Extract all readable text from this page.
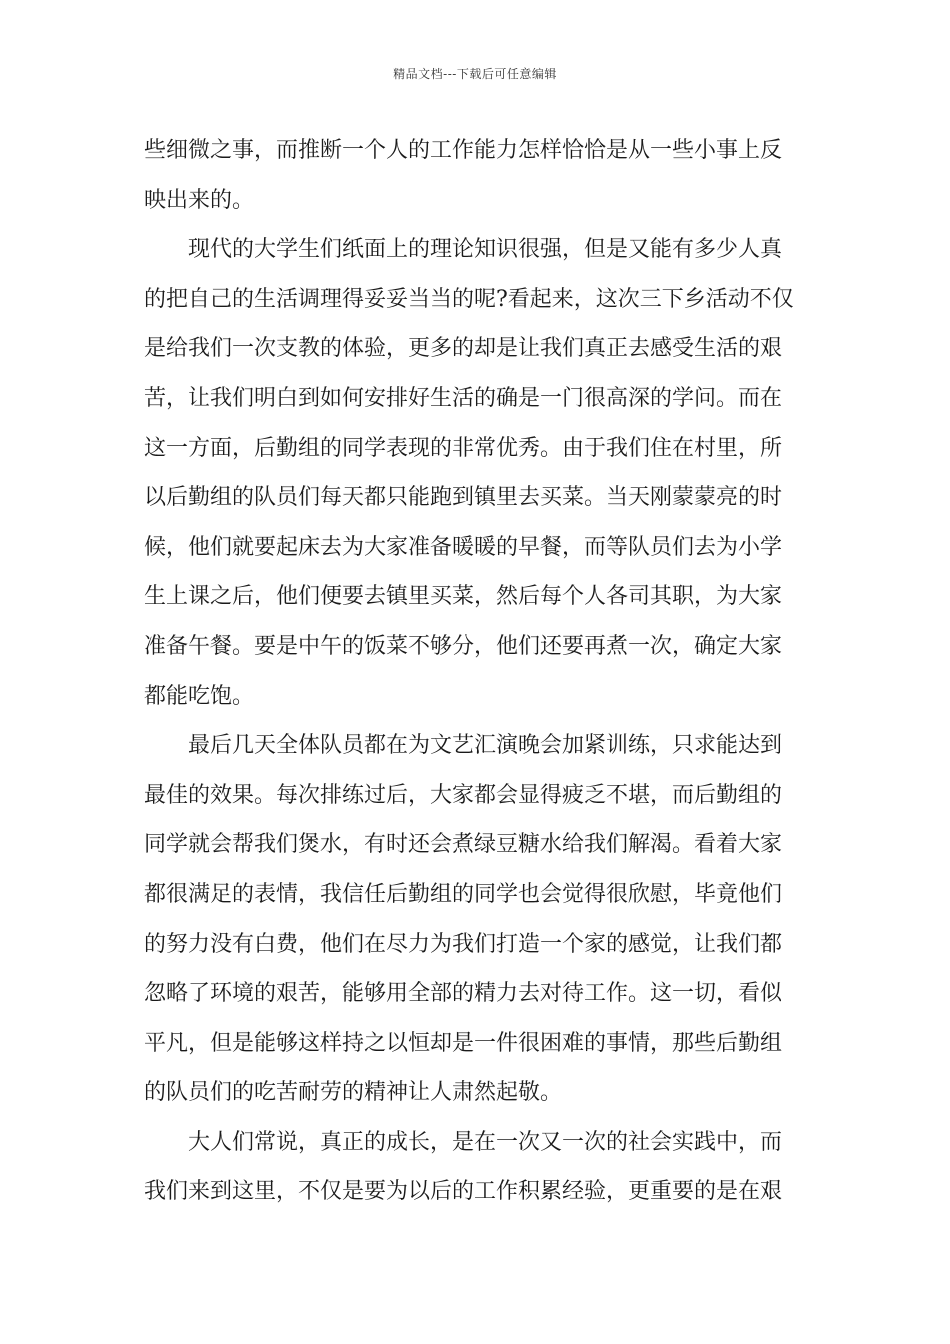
精品文档---下载后可任意编辑
些细微之事，而推断一个人的工作能力怎样恰恰是从一些小事上反
映出来的。
现代的大学生们纸面上的理论知识很强，但是又能有多少人真
的把自己的生活调理得妥妥当当的呢?看起来，这次三下乡活动不仅
是给我们一次支教的体验，更多的却是让我们真正去感受生活的艰
苦，让我们明白到如何安排好生活的确是一门很高深的学问。而在
这一方面，后勤组的同学表现的非常优秀。由于我们住在村里，所
以后勤组的队员们每天都只能跑到镇里去买菜。当天刚蒙蒙亮的时
候，他们就要起床去为大家准备暖暖的早餐，而等队员们去为小学
生上课之后，他们便要去镇里买菜，然后每个人各司其职，为大家
准备午餐。要是中午的饭菜不够分，他们还要再煮一次，确定大家
都能吃饱。
最后几天全体队员都在为文艺汇演晚会加紧训练，只求能达到
最佳的效果。每次排练过后，大家都会显得疲乏不堪，而后勤组的
同学就会帮我们煲水，有时还会煮绿豆糖水给我们解渴。看着大家
都很满足的表情，我信任后勤组的同学也会觉得很欣慰，毕竟他们
的努力没有白费，他们在尽力为我们打造一个家的感觉，让我们都
忽略了环境的艰苦，能够用全部的精力去对待工作。这一切，看似
平凡，但是能够这样持之以恒却是一件很困难的事情，那些后勤组
的队员们的吃苦耐劳的精神让人肃然起敬。
大人们常说，真正的成长，是在一次又一次的社会实践中，而
我们来到这里，不仅是要为以后的工作积累经验，更重要的是在艰
